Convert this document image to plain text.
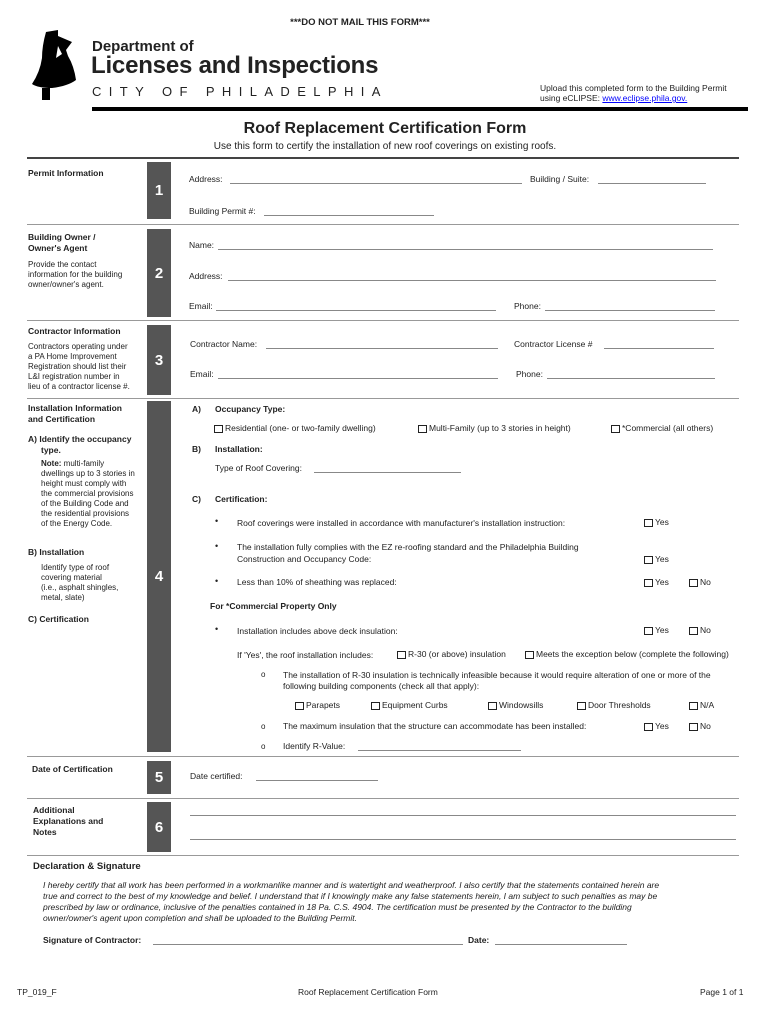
***DO NOT MAIL THIS FORM***
Department of
Licenses and Inspections
CITY OF PHILADELPHIA	Upload this completed form to the Building Permit
using eCLIPSE: www.eclipse.phila.gov.
Roof Replacement Certification Form
Use this form to certify the installation of new roof coverings on existing roofs.
Permit Information
1
Address:	Building / Suite:
Building Permit #:
Building Owner /
Owner's Agent
Provide the contact
information for the building
owner/owner's agent.
2
Name:
Address:
Email:	Phone:
Contractor Information
Contractors operating under
a PA Home Improvement
Registration should list their
L&I registration number in
lieu of a contractor license #.
3
Contractor Name:	Contractor License #
Email:	Phone:
Installation Information
and Certification
A) Identify the occupancy
type.
Note: multi-family
dwellings up to 3 stories in
height must comply with
the commercial provisions
of the Building Code and
the residential provisions
of the Energy Code.
B) Installation
Identify type of roof
covering material
(i.e., asphalt shingles,
metal, slate)
C) Certification
4
A) Occupancy Type:
Residential (one- or two-family dwelling)	Multi-Family (up to 3 stories in height)	*Commercial (all others)
B) Installation:
Type of Roof Covering:
C) Certification:
• Roof coverings were installed in accordance with manufacturer's installation instruction:	Yes
• The installation fully complies with the EZ re-roofing standard and the Philadelphia Building
Construction and Occupancy Code:	Yes
• Less than 10% of sheathing was replaced:	Yes	No
For *Commercial Property Only
• Installation includes above deck insulation:	Yes	No
If 'Yes', the roof installation includes:	R-30 (or above) insulation	Meets the exception below (complete the following)
o The installation of R-30 insulation is technically infeasible because it would require alteration of one or more of the
following building components (check all that apply):
Parapets	Equipment Curbs	Windowsills	Door Thresholds	N/A
o The maximum insulation that the structure can accommodate has been installed:	Yes	No
o Identify R-Value:
Date of Certification	5	Date certified:
Additional
Explanations and
Notes	6
Declaration & Signature
I hereby certify that all work has been performed in a workmanlike manner and is watertight and weatherproof. I also certify that the statements contained herein are
true and correct to the best of my knowledge and belief. I understand that if I knowingly make any false statements herein, I am subject to such penalties as may be
prescribed by law or ordinance, inclusive of the penalties contained in 18 Pa. C.S. 4904. The certification must be presented by the Contractor to the building
owner/owner's agent upon completion and shall be uploaded to the Building Permit.
Signature of Contractor:	Date:
TP_019_F	Roof Replacement Certification Form	Page 1 of 1
